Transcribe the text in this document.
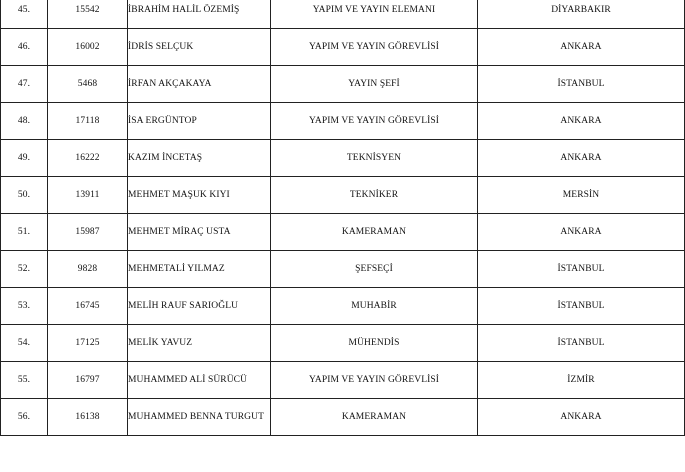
45.	15542	İBRAHİM HALİL ÖZEMİŞ	YAPIM VE YAYIN ELEMANI	DİYARBAKIR
46.	16002	İDRİS SELÇUK	YAPIM VE YAYIN GÖREVLİSİ	ANKARA
47.	5468	İRFAN AKÇAKAYA	YAYIN ŞEFİ	İSTANBUL
48.	17118	İSA ERGÜNTOP	YAPIM VE YAYIN GÖREVLİSİ	ANKARA
49.	16222	KAZIM İNCETAŞ	TEKNİSYEN	ANKARA
50.	13911	MEHMET MAŞUK KIYI	TEKNİKER	MERSİN
51.	15987	MEHMET MİRAÇ USTA	KAMERAMAN	ANKARA
52.	9828	MEHMETALİ YILMAZ	ŞEFSEÇİ	İSTANBUL
53.	16745	MELİH RAUF SARIOĞLU	MUHABİR	İSTANBUL
54.	17125	MELİK YAVUZ	MÜHENDİS	İSTANBUL
55.	16797	MUHAMMED ALİ SÜRÜCÜ	YAPIM VE YAYIN GÖREVLİSİ	İZMİR
56.	16138	MUHAMMED BENNA TURGUT	KAMERAMAN	ANKARA
